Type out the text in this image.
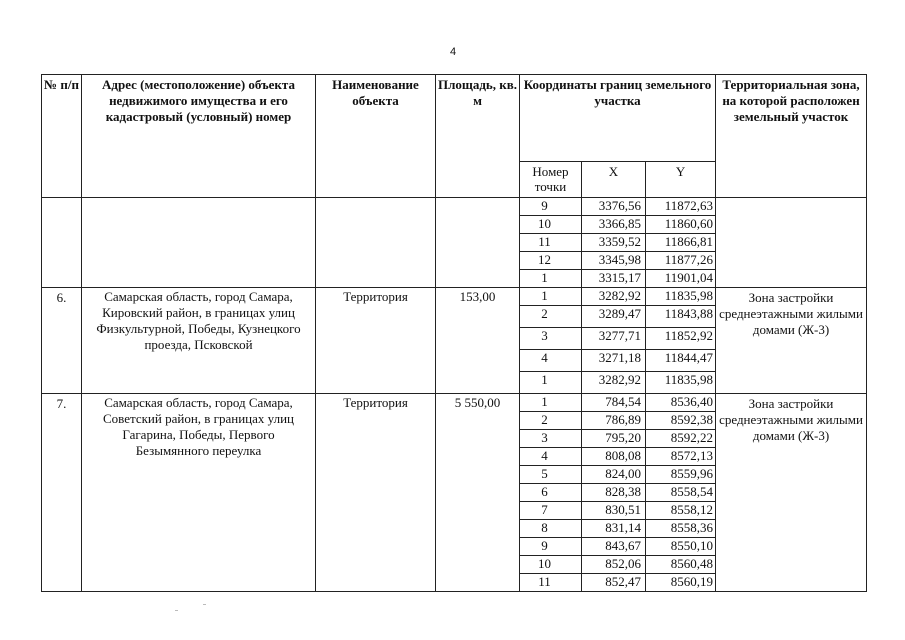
4
№ п/п	Адрес (местоположение) объекта недвижимого имущества и его кадастровый (условный) номер	Наименование объекта	Площадь, кв. м	Координаты границ земельного участка			Территориальная зона, на которой расположен земельный участок
				Номер точки	X	Y	
				9	3376,56	11872,63	
				10	3366,85	11860,60	
				11	3359,52	11866,81	
				12	3345,98	11877,26	
				1	3315,17	11901,04	
6.	Самарская область, город Самара, Кировский район, в границах улиц Физкультурной, Победы, Кузнецкого проезда, Псковской	Территория	153,00	1	3282,92	11835,98	Зона застройки среднеэтажными жилыми домами (Ж-3)
				2	3289,47	11843,88	
				3	3277,71	11852,92	
				4	3271,18	11844,47	
				1	3282,92	11835,98	
7.	Самарская область, город Самара, Советский район, в границах улиц Гагарина, Победы, Первого Безымянного переулка	Территория	5 550,00	1	784,54	8536,40	Зона застройки среднеэтажными жилыми домами (Ж-3)
				2	786,89	8592,38	
				3	795,20	8592,22	
				4	808,08	8572,13	
				5	824,00	8559,96	
				6	828,38	8558,54	
				7	830,51	8558,12	
				8	831,14	8558,36	
				9	843,67	8550,10	
				10	852,06	8560,48	
				11	852,47	8560,19	
